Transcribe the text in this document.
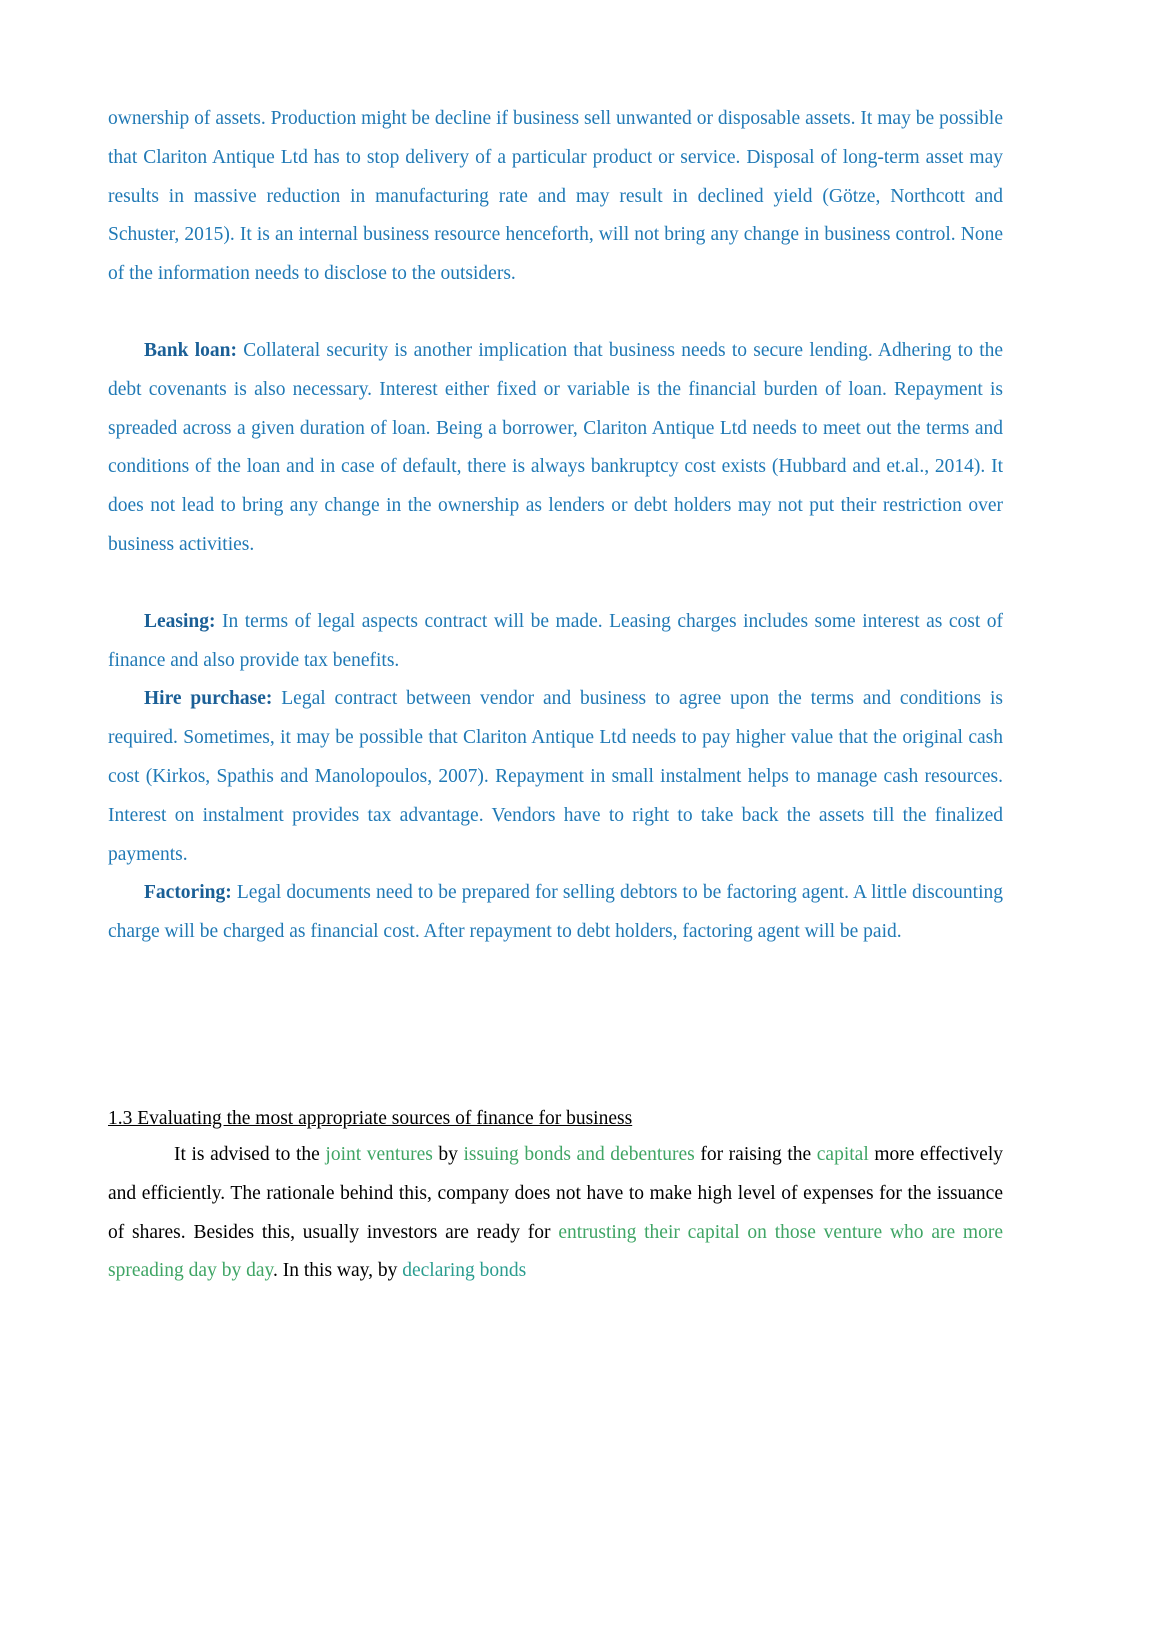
ownership of assets. Production might be decline if business sell unwanted or disposable assets. It may be possible that Clariton Antique Ltd has to stop delivery of a particular product or service. Disposal of long-term asset may results in massive reduction in manufacturing rate and may result in declined yield (Götze, Northcott and Schuster, 2015). It is an internal business resource henceforth, will not bring any change in business control. None of the information needs to disclose to the outsiders.

Bank loan: Collateral security is another implication that business needs to secure lending. Adhering to the debt covenants is also necessary. Interest either fixed or variable is the financial burden of loan. Repayment is spreaded across a given duration of loan. Being a borrower, Clariton Antique Ltd needs to meet out the terms and conditions of the loan and in case of default, there is always bankruptcy cost exists (Hubbard and et.al., 2014). It does not lead to bring any change in the ownership as lenders or debt holders may not put their restriction over business activities.

Leasing: In terms of legal aspects contract will be made. Leasing charges includes some interest as cost of finance and also provide tax benefits.

Hire purchase: Legal contract between vendor and business to agree upon the terms and conditions is required. Sometimes, it may be possible that Clariton Antique Ltd needs to pay higher value that the original cash cost (Kirkos, Spathis and Manolopoulos, 2007). Repayment in small instalment helps to manage cash resources. Interest on instalment provides tax advantage. Vendors have to right to take back the assets till the finalized payments.

Factoring: Legal documents need to be prepared for selling debtors to be factoring agent. A little discounting charge will be charged as financial cost. After repayment to debt holders, factoring agent will be paid.

1.3 Evaluating the most appropriate sources of finance for business

It is advised to the joint ventures by issuing bonds and debentures for raising the capital more effectively and efficiently. The rationale behind this, company does not have to make high level of expenses for the issuance of shares. Besides this, usually investors are ready for entrusting their capital on those venture who are more spreading day by day. In this way, by declaring bonds
